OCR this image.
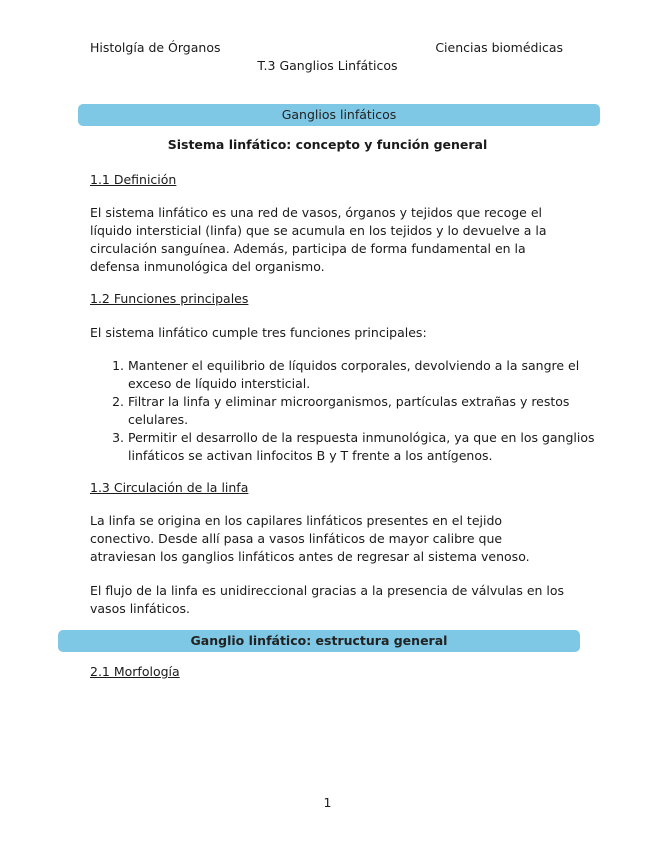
Histolgía de Órganos	Ciencias biomédicas
T.3 Ganglios Linfáticos
Ganglios linfáticos
Sistema linfático: concepto y función general
1.1 Definición

El sistema linfático es una red de vasos, órganos y tejidos que recoge el líquido intersticial (linfa) que se acumula en los tejidos y lo devuelve a la circulación sanguínea. Además, participa de forma fundamental en la defensa inmunológica del organismo.

1.2 Funciones principales

El sistema linfático cumple tres funciones principales:

1. Mantener el equilibrio de líquidos corporales, devolviendo a la sangre el exceso de líquido intersticial.
2. Filtrar la linfa y eliminar microorganismos, partículas extrañas y restos celulares.
3. Permitir el desarrollo de la respuesta inmunológica, ya que en los ganglios linfáticos se activan linfocitos B y T frente a los antígenos.
1.3 Circulación de la linfa

La linfa se origina en los capilares linfáticos presentes en el tejido conectivo. Desde allí pasa a vasos linfáticos de mayor calibre que atraviesan los ganglios linfáticos antes de regresar al sistema venoso.

El flujo de la linfa es unidireccional gracias a la presencia de válvulas en los vasos linfáticos.

Ganglio linfático: estructura general
2.1 Morfología
1
